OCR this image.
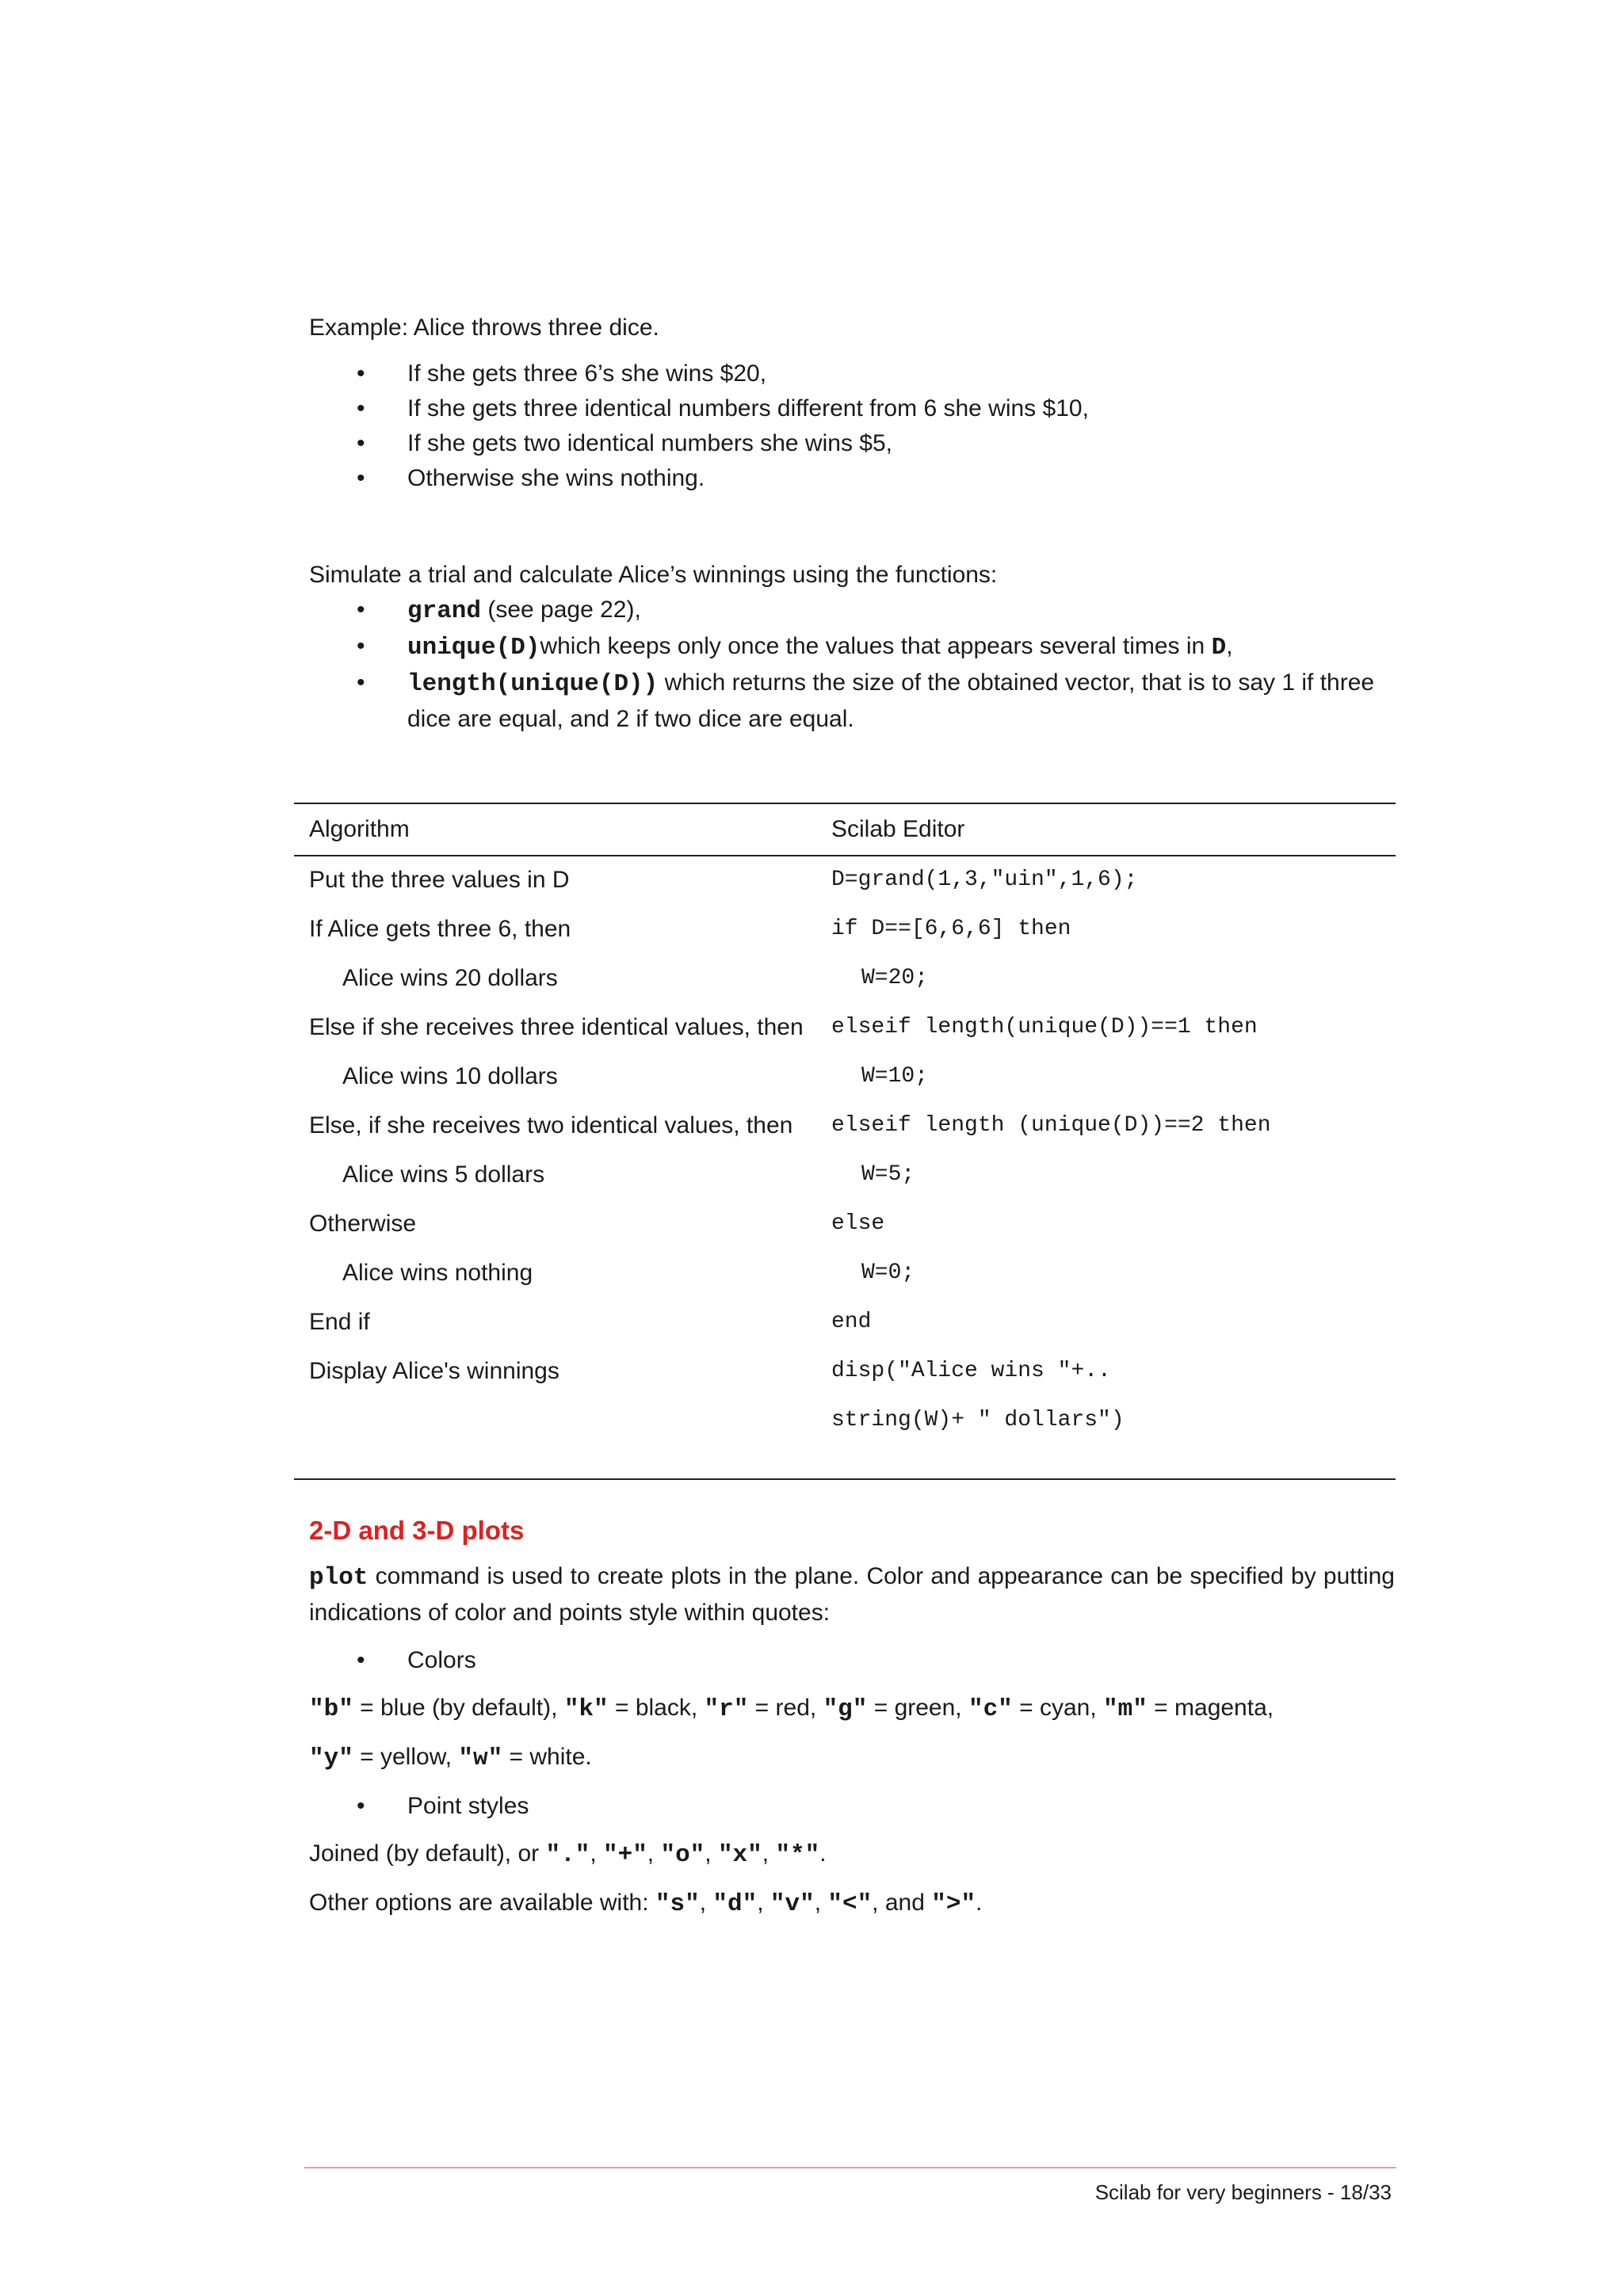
Example: Alice throws three dice.

• If she gets three 6’s she wins $20,
• If she gets three identical numbers different from 6 she wins $10,
• If she gets two identical numbers she wins $5,
• Otherwise she wins nothing.

Simulate a trial and calculate Alice’s winnings using the functions:

• grand (see page 22),
• unique(D)which keeps only once the values that appears several times in D,
• length(unique(D)) which returns the size of the obtained vector, that is to say 1 if three dice are equal, and 2 if two dice are equal.
Algorithm	Scilab Editor
Put the three values in D
If Alice gets three 6, then
Alice wins 20 dollars
Else if she receives three identical values, then
Alice wins 10 dollars
Else, if she receives two identical values, then
Alice wins 5 dollars
Otherwise
Alice wins nothing
End if
Display Alice's winnings
D=grand(1,3,"uin",1,6);
if D==[6,6,6] then
W=20;
elseif length(unique(D))==1 then
W=10;
elseif length (unique(D))==2 then
W=5;
else
W=0;
end
disp("Alice wins "+..
string(W)+ " dollars")

2-D and 3-D plots

plot command is used to create plots in the plane. Color and appearance can be specified by putting indications of color and points style within quotes:

• Colors

"b" = blue (by default), "k" = black, "r" = red, "g" = green, "c" = cyan, "m" = magenta,

"y" = yellow, "w" = white.

• Point styles

Joined (by default), or ".", "+", "o", "x", "*".

Other options are available with: "s", "d", "v", "<", and ">".

Scilab for very beginners - 18/33
